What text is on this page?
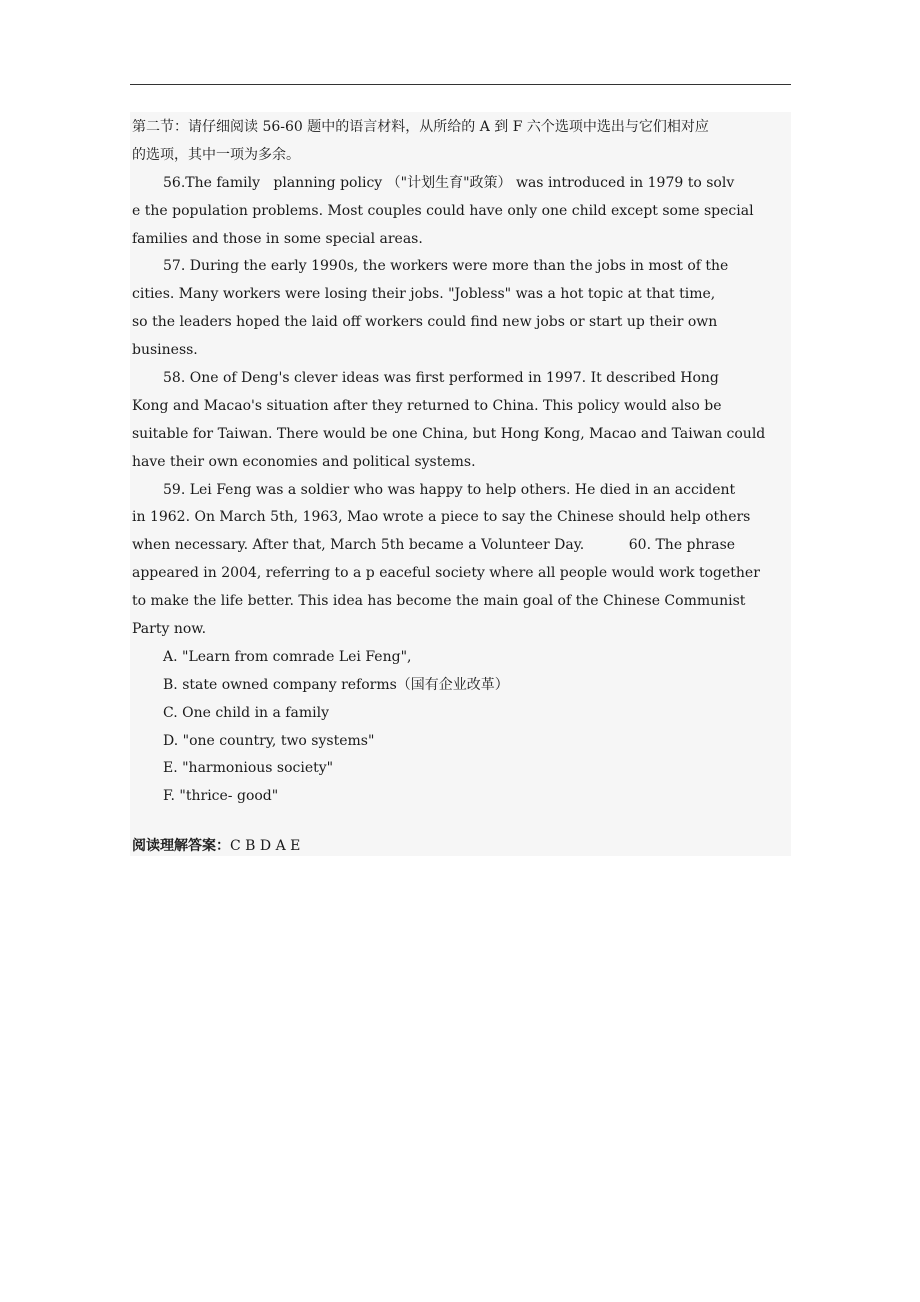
第二节：请仔细阅读 56-60 题中的语言材料，从所给的 A 到 F 六个选项中选出与它们相对应
的选项，其中一项为多余。
56.The family   planning policy （"计划生育"政策） was introduced in 1979 to solv
e the population problems. Most couples could have only one child except some special
families and those in some special areas.
57. During the early 1990s, the workers were more than the jobs in most of the
cities. Many workers were losing their jobs. "Jobless" was a hot topic at that time,
so the leaders hoped the laid off workers could find new jobs or start up their own
business.
58. One of Deng's clever ideas was first performed in 1997. It described Hong
Kong and Macao's situation after they returned to China. This policy would also be
suitable for Taiwan. There would be one China, but Hong Kong, Macao and Taiwan could
have their own economies and political systems.
59. Lei Feng was a soldier who was happy to help others. He died in an accident
in 1962. On March 5th, 1963, Mao wrote a piece to say the Chinese should help others
when necessary. After that, March 5th became a Volunteer Day.          60. The phrase
appeared in 2004, referring to a p eaceful society where all people would work together
to make the life better. This idea has become the main goal of the Chinese Communist
Party now.
A. "Learn from comrade Lei Feng",
B. state owned company reforms（国有企业改革）
C. One child in a family
D. "one country, two systems"
E. "harmonious society"
F. "thrice- good"
阅读理解答案：C B D A E
